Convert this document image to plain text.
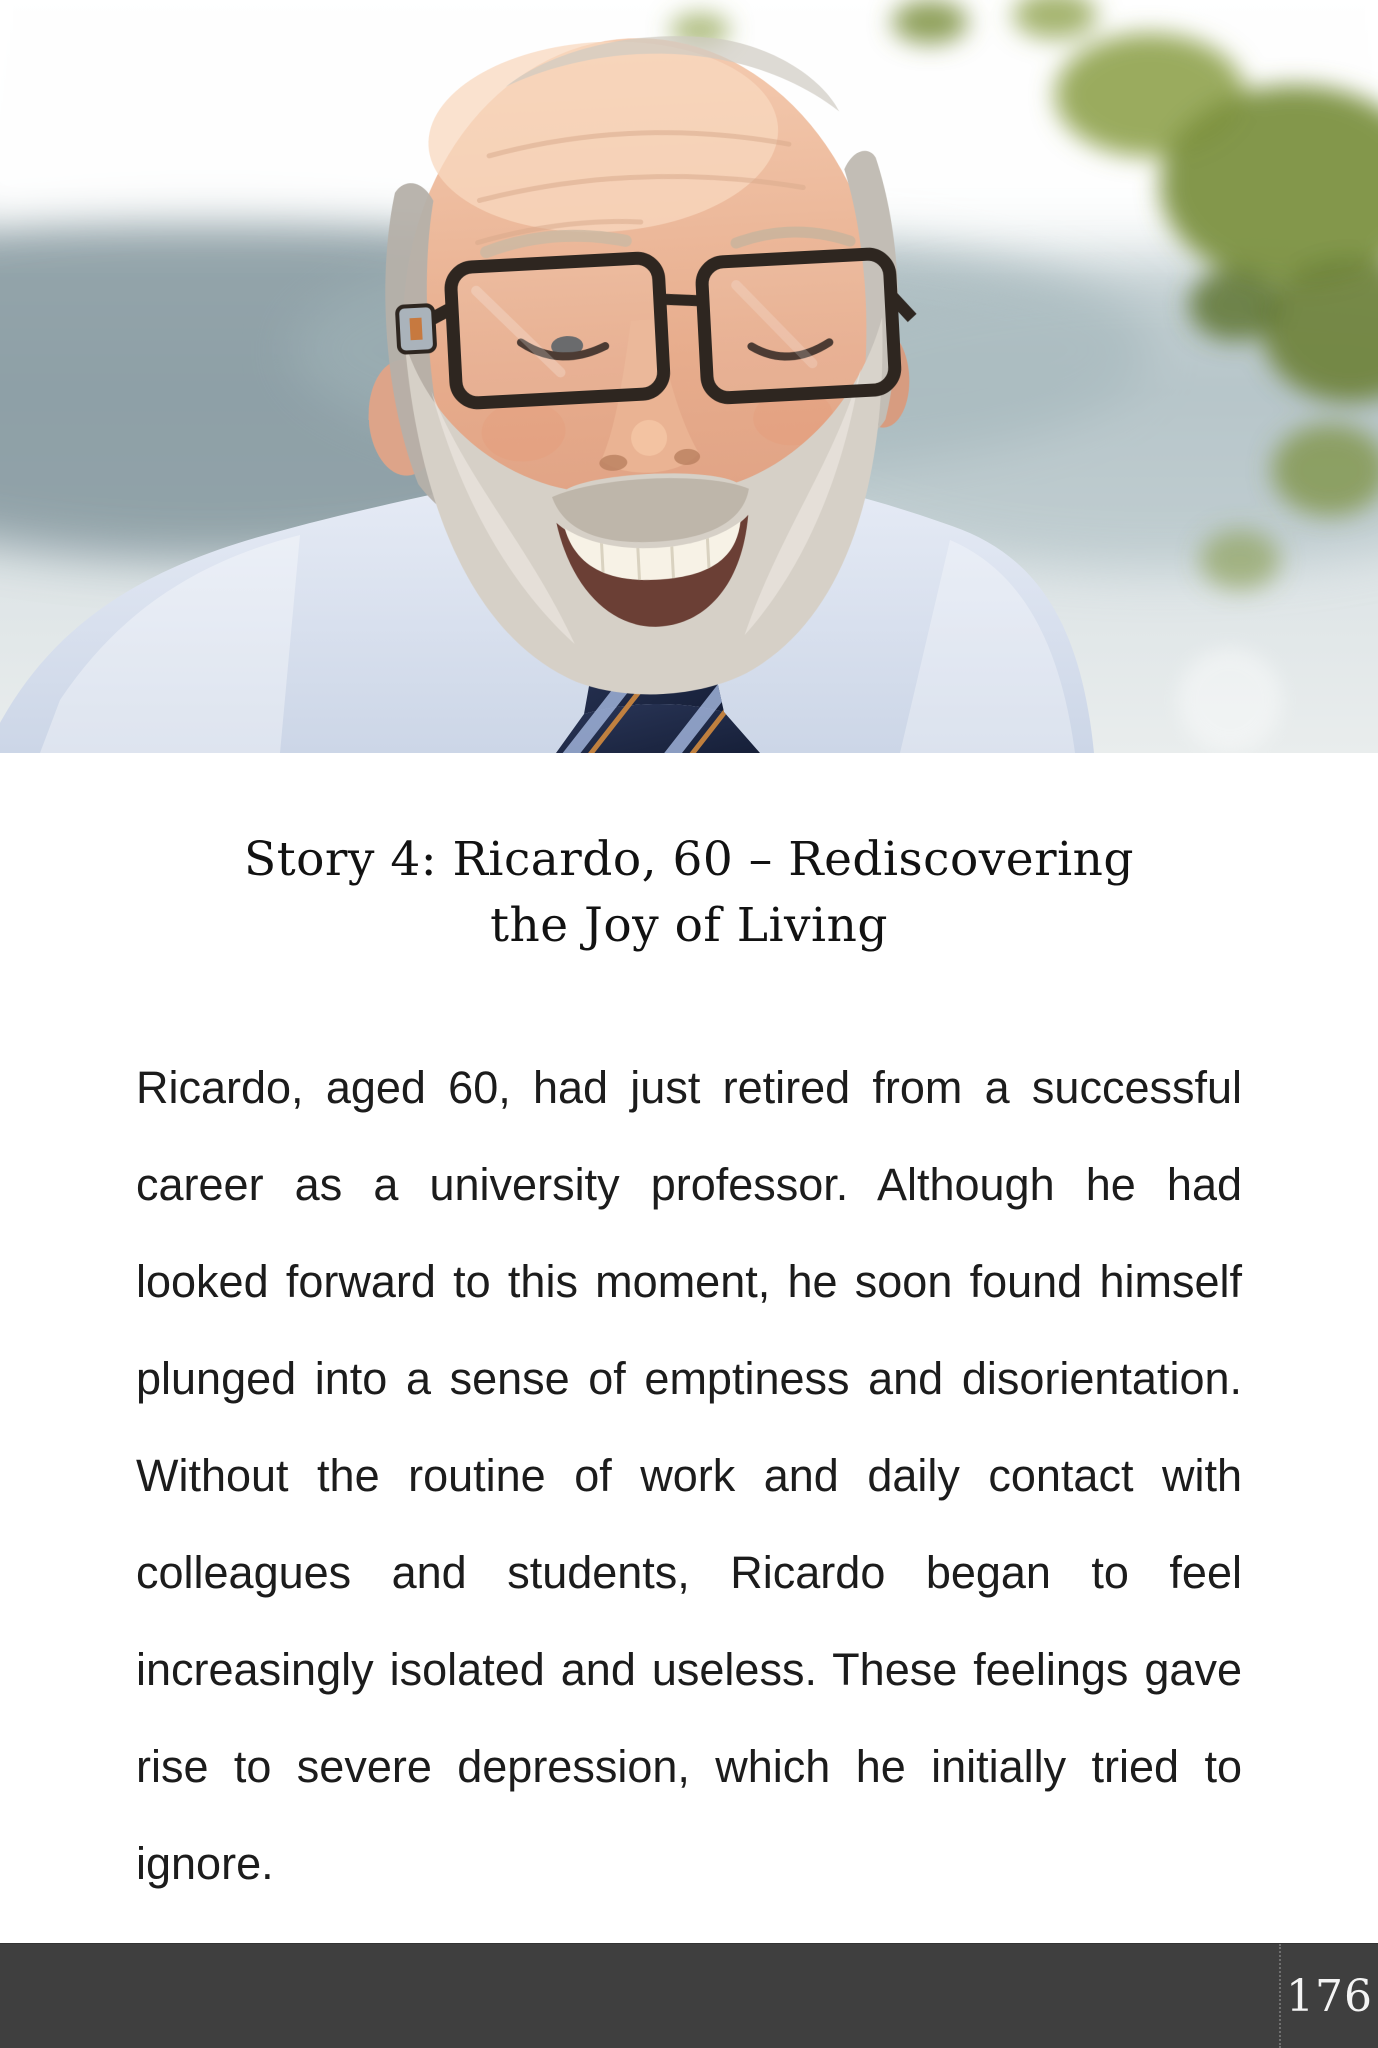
Story 4: Ricardo, 60 – Rediscovering
the Joy of Living
Ricardo, aged 60, had just retired from a successful
career as a university professor. Although he had
looked forward to this moment, he soon found himself
plunged into a sense of emptiness and disorientation.
Without the routine of work and daily contact with
colleagues and students, Ricardo began to feel
increasingly isolated and useless. These feelings gave
rise to severe depression, which he initially tried to
ignore.
176
